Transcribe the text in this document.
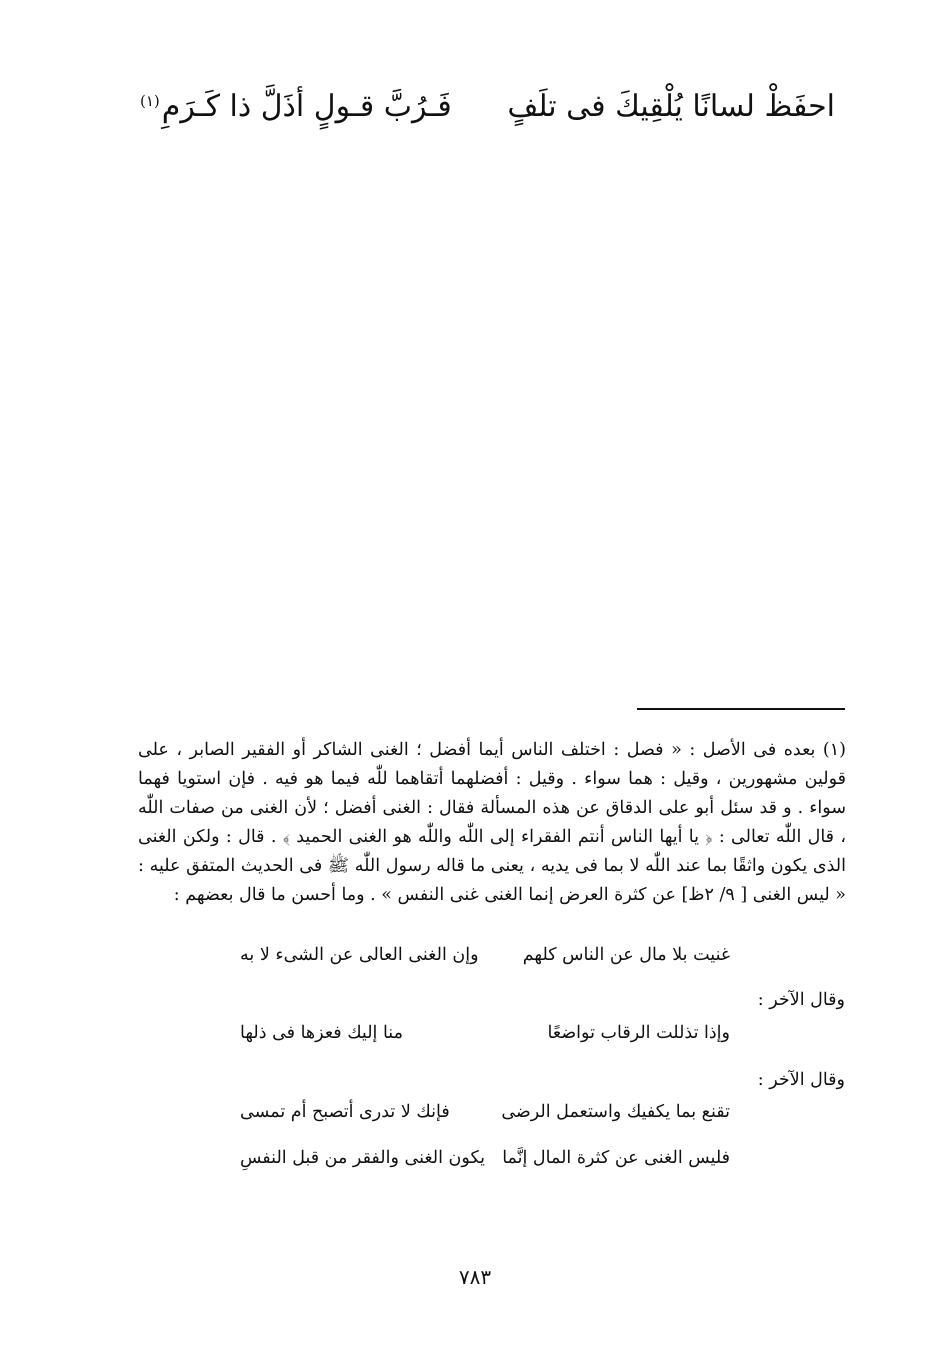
احفَظْ لسانًا يُلْقِيكَ فى تلَفٍ
فَـرُبَّ قـولٍ أذَلَّ ذا كَـرَمِ$^{(١)}$

(١) بعده فى الأصل : « فصل : اختلف الناس أيما أفضل ؛ الغنى الشاكر أو الفقير الصابر ، على قولين مشهورين ، وقيل : هما سواء . وقيل : أفضلهما أتقاهما للّٰه فيما هو فيه . فإن استويا فهما سواء . و قد سئل أبو على الدقاق عن هذه المسألة فقال : الغنى أفضل ؛ لأن الغنى من صفات اللّٰه ، قال اللّٰه تعالى : ﴿ يا أيها الناس أنتم الفقراء إلى اللّٰه واللّٰه هو الغنى الحميد ﴾ . قال : ولكن الغنى الذى يكون واثقًا بما عند اللّٰه لا بما فى يديه ، يعنى ما قاله رسول اللّٰه ﷺ فى الحديث المتفق عليه : « ليس الغنى [ ٩/ ٢ظ] عن كثرة العرض إنما الغنى غنى النفس » . وما أحسن ما قال بعضهم :

غنيت بلا مال عن الناس كلهم
وإن الغنى العالى عن الشىء لا به
وقال الآخر :
وإذا تذللت الرقاب تواضعًا
منا إليك فعزها فى ذلها
وقال الآخر :
تقنع بما يكفيك واستعمل الرضى
فإنك لا تدرى أتصبح أم تمسى
فليس الغنى عن كثرة المال إنَّما
يكون الغنى والفقر من قبل النفسِ
٧٨٣
